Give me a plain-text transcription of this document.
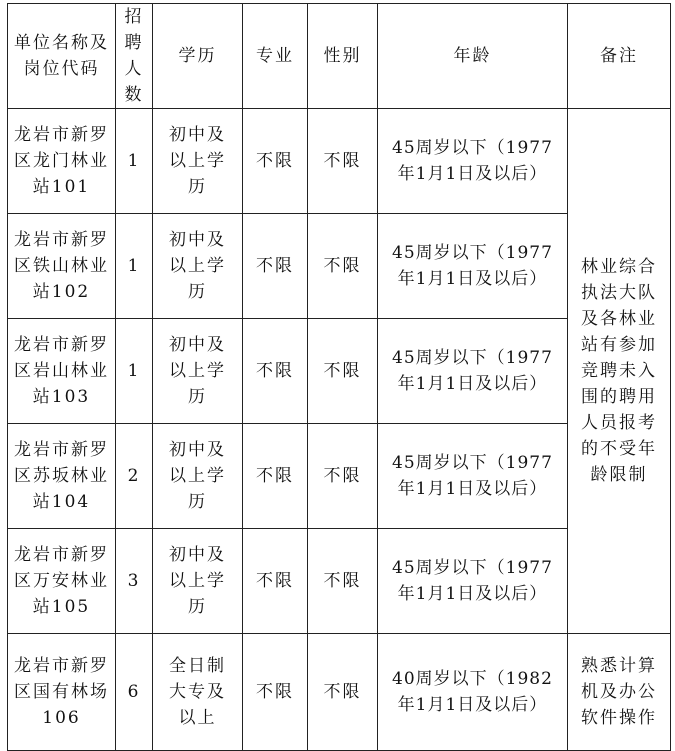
单位名称及岗位代码	招聘人数	学历	专业	性别	年龄	备注
龙岩市新罗区龙门林业站101	1	初中及以上学历	不限	不限	45周岁以下（1977年1月1日及以后）	林业综合执法大队及各林业站有参加竞聘未入围的聘用人员报考的不受年龄限制
龙岩市新罗区铁山林业站102	1	初中及以上学历	不限	不限	45周岁以下（1977年1月1日及以后）	
龙岩市新罗区岩山林业站103	1	初中及以上学历	不限	不限	45周岁以下（1977年1月1日及以后）	
龙岩市新罗区苏坂林业站104	2	初中及以上学历	不限	不限	45周岁以下（1977年1月1日及以后）	
龙岩市新罗区万安林业站105	3	初中及以上学历	不限	不限	45周岁以下（1977年1月1日及以后）	
龙岩市新罗区国有林场106	6	全日制大专及以上	不限	不限	40周岁以下（1982年1月1日及以后）	熟悉计算机及办公软件操作
